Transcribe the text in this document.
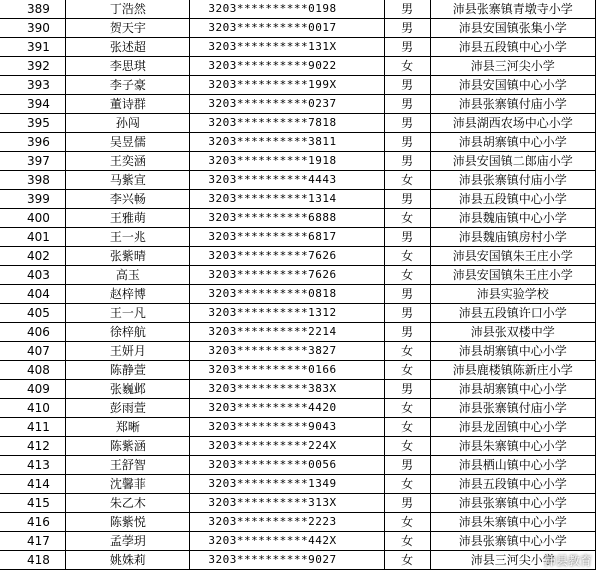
389	丁浩然	3203**********0198	男	沛县张寨镇青墩寺小学
390	贺天宇	3203**********0017	男	沛县安国镇张集小学
391	张述超	3203**********131X	男	沛县五段镇中心小学
392	李思琪	3203**********9022	女	沛县三河尖小学
393	李子豪	3203**********199X	男	沛县安国镇中心小学
394	董诗群	3203**********0237	男	沛县张寨镇付庙小学
395	孙闯	3203**********7818	男	沛县湖西农场中心小学
396	吴昱儒	3203**********3811	男	沛县胡寨镇中心小学
397	王奕涵	3203**********1918	男	沛县安国镇二郎庙小学
398	马紫宣	3203**********4443	女	沛县张寨镇付庙小学
399	李兴畅	3203**********1314	男	沛县五段镇中心小学
400	王雅萌	3203**********6888	女	沛县魏庙镇中心小学
401	王一兆	3203**********6817	男	沛县魏庙镇房村小学
402	张紫晴	3203**********7626	女	沛县安国镇朱王庄小学
403	高玉	3203**********7626	女	沛县安国镇朱王庄小学
404	赵梓博	3203**********0818	男	沛县实验学校
405	王一凡	3203**********1312	男	沛县五段镇许口小学
406	徐梓航	3203**********2214	男	沛县张双楼中学
407	王妍月	3203**********3827	女	沛县胡寨镇中心小学
408	陈静萱	3203**********0166	女	沛县鹿楼镇陈新庄小学
409	张巍邺	3203**********383X	男	沛县胡寨镇中心小学
410	彭雨萱	3203**********4420	女	沛县张寨镇付庙小学
411	郑晰	3203**********9043	女	沛县龙固镇中心小学
412	陈紫涵	3203**********224X	女	沛县朱寨镇中心小学
413	王舒智	3203**********0056	男	沛县栖山镇中心小学
414	沈馨菲	3203**********1349	女	沛县五段镇中心小学
415	朱乙木	3203**********313X	男	沛县张寨镇中心小学
416	陈紫悦	3203**********2223	女	沛县朱寨镇中心小学
417	孟荸玥	3203**********442X	女	沛县张寨镇中心小学
418	姚姝莉	3203**********9027	女	沛县三河尖小学
沛县教育
